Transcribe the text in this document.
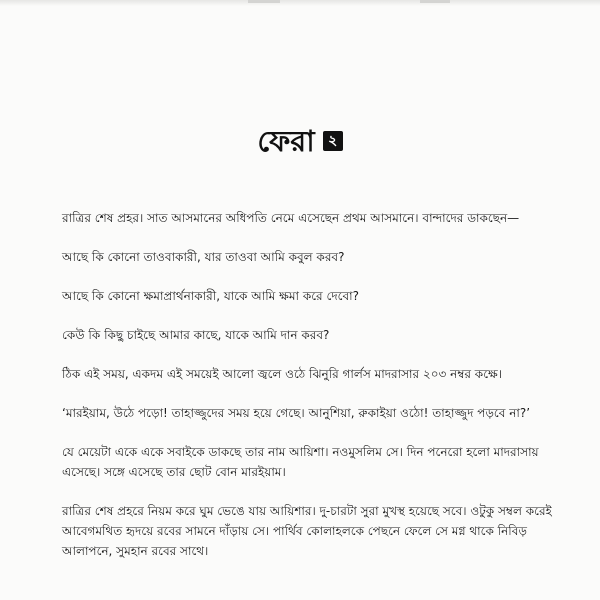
ফেরা ২

রাত্রির শেষ প্রহর। সাত আসমানের অধিপতি নেমে এসেছেন প্রথম আসমানে। বান্দাদের ডাকছেন—

আছে কি কোনো তাওবাকারী, যার তাওবা আমি কবুল করব?

আছে কি কোনো ক্ষমাপ্রার্থনাকারী, যাকে আমি ক্ষমা করে দেবো?

কেউ কি কিছু চাইছে আমার কাছে, যাকে আমি দান করব?

ঠিক এই সময়, একদম এই সময়েই আলো জ্বলে ওঠে ঝিনুরি গার্লস মাদরাসার ২০৩ নম্বর কক্ষে।

‘মারইয়াম, উঠে পড়ো! তাহাজ্জুদের সময় হয়ে গেছে। আনুশিয়া, রুকাইয়া ওঠো! তাহাজ্জুদ পড়বে না?’

যে মেয়েটা একে একে সবাইকে ডাকছে তার নাম আয়িশা। নওমুসলিম সে। দিন পনেরো হলো মাদরাসায় এসেছে। সঙ্গে এসেছে তার ছোট বোন মারইয়াম।

রাত্রির শেষ প্রহরে নিয়ম করে ঘুম ভেঙে যায় আয়িশার। দু-চারটা সুরা মুখস্থ হয়েছে সবে। ওটুকু সম্বল করেই আবেগমথিত হৃদয়ে রবের সামনে দাঁড়ায় সে। পার্থিব কোলাহলকে পেছনে ফেলে সে মগ্ন থাকে নিবিড় আলাপনে, সুমহান রবের সাথে।
